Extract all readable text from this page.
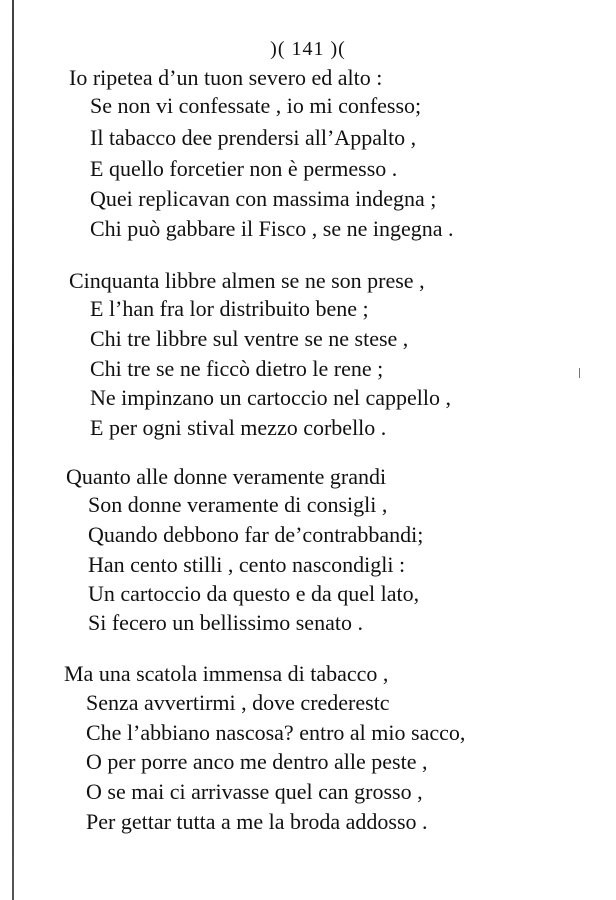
)( 141 )(
Io ripetea d’un tuon severo ed alto :
Se non vi confessate , io mi confesso;
Il tabacco dee prendersi all’Appalto ,
E quello forcetier non è permesso .
Quei replicavan con massima indegna ;
Chi può gabbare il Fisco , se ne ingegna .
Cinquanta libbre almen se ne son prese ,
E l’han fra lor distribuito bene ;
Chi tre libbre sul ventre se ne stese ,
Chi tre se ne ficcò dietro le rene ;
Ne impinzano un cartoccio nel cappello ,
E per ogni stival mezzo corbello .
Quanto alle donne veramente grandi
Son donne veramente di consigli ,
Quando debbono far de’contrabbandi;
Han cento stilli , cento nascondigli :
Un cartoccio da questo e da quel lato,
Si fecero un bellissimo senato .
Ma una scatola immensa di tabacco ,
Senza avvertirmi , dove crederestc
Che l’abbiano nascosa? entro al mio sacco,
O per porre anco me dentro alle peste ,
O se mai ci arrivasse quel can grosso ,
Per gettar tutta a me la broda addosso .
